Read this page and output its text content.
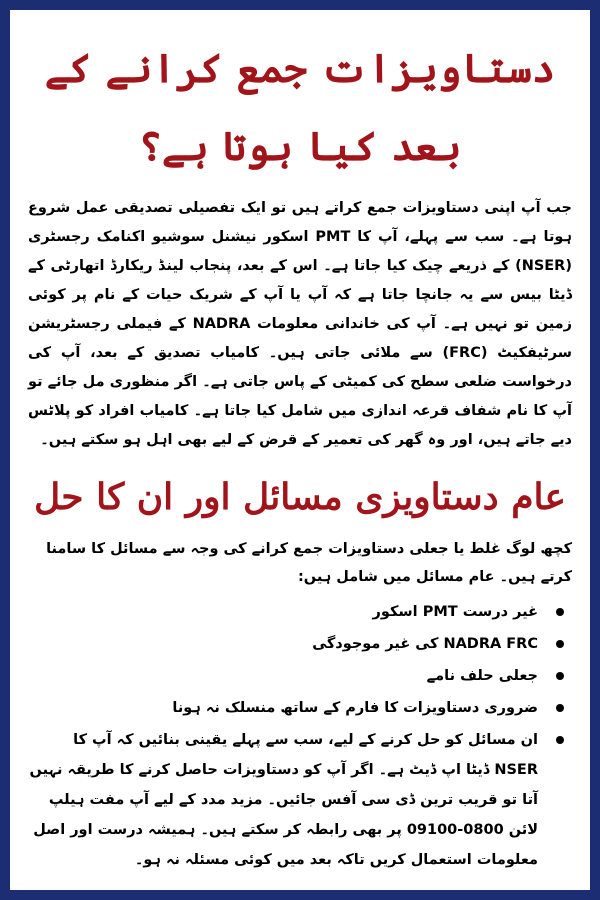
دستاویزات جمع کرانے کے بعد کیا ہوتا ہے؟

جب آپ اپنی دستاویزات جمع کراتے ہیں تو ایک تفصیلی تصدیقی عمل شروع ہوتا ہے۔ سب سے پہلے، آپ کا PMT اسکور نیشنل سوشیو اکنامک رجسٹری (NSER) کے ذریعے چیک کیا جاتا ہے۔ اس کے بعد، پنجاب لینڈ ریکارڈ اتھارٹی کے ڈیٹا بیس سے یہ جانچا جاتا ہے کہ آپ یا آپ کے شریک حیات کے نام پر کوئی زمین تو نہیں ہے۔ آپ کی خاندانی معلومات NADRA کے فیملی رجسٹریشن سرٹیفکیٹ (FRC) سے ملائی جاتی ہیں۔ کامیاب تصدیق کے بعد، آپ کی درخواست ضلعی سطح کی کمیٹی کے پاس جاتی ہے۔ اگر منظوری مل جائے تو آپ کا نام شفاف قرعہ اندازی میں شامل کیا جاتا ہے۔ کامیاب افراد کو پلاٹس دیے جاتے ہیں، اور وہ گھر کی تعمیر کے قرض کے لیے بھی اہل ہو سکتے ہیں۔

عام دستاویزی مسائل اور ان کا حل

کچھ لوگ غلط یا جعلی دستاویزات جمع کرانے کی وجہ سے مسائل کا سامنا کرتے ہیں۔ عام مسائل میں شامل ہیں:

غیر درست PMT اسکور
NADRA FRC کی غیر موجودگی
جعلی حلف نامے
ضروری دستاویزات کا فارم کے ساتھ منسلک نہ ہونا
ان مسائل کو حل کرنے کے لیے، سب سے پہلے یقینی بنائیں کہ آپ کا NSER ڈیٹا اپ ڈیٹ ہے۔ اگر آپ کو دستاویزات حاصل کرنے کا طریقہ نہیں آتا تو قریب ترین ڈی سی آفس جائیں۔ مزید مدد کے لیے آپ مفت ہیلپ لائن 0800-09100 پر بھی رابطہ کر سکتے ہیں۔ ہمیشہ درست اور اصل معلومات استعمال کریں تاکہ بعد میں کوئی مسئلہ نہ ہو۔
